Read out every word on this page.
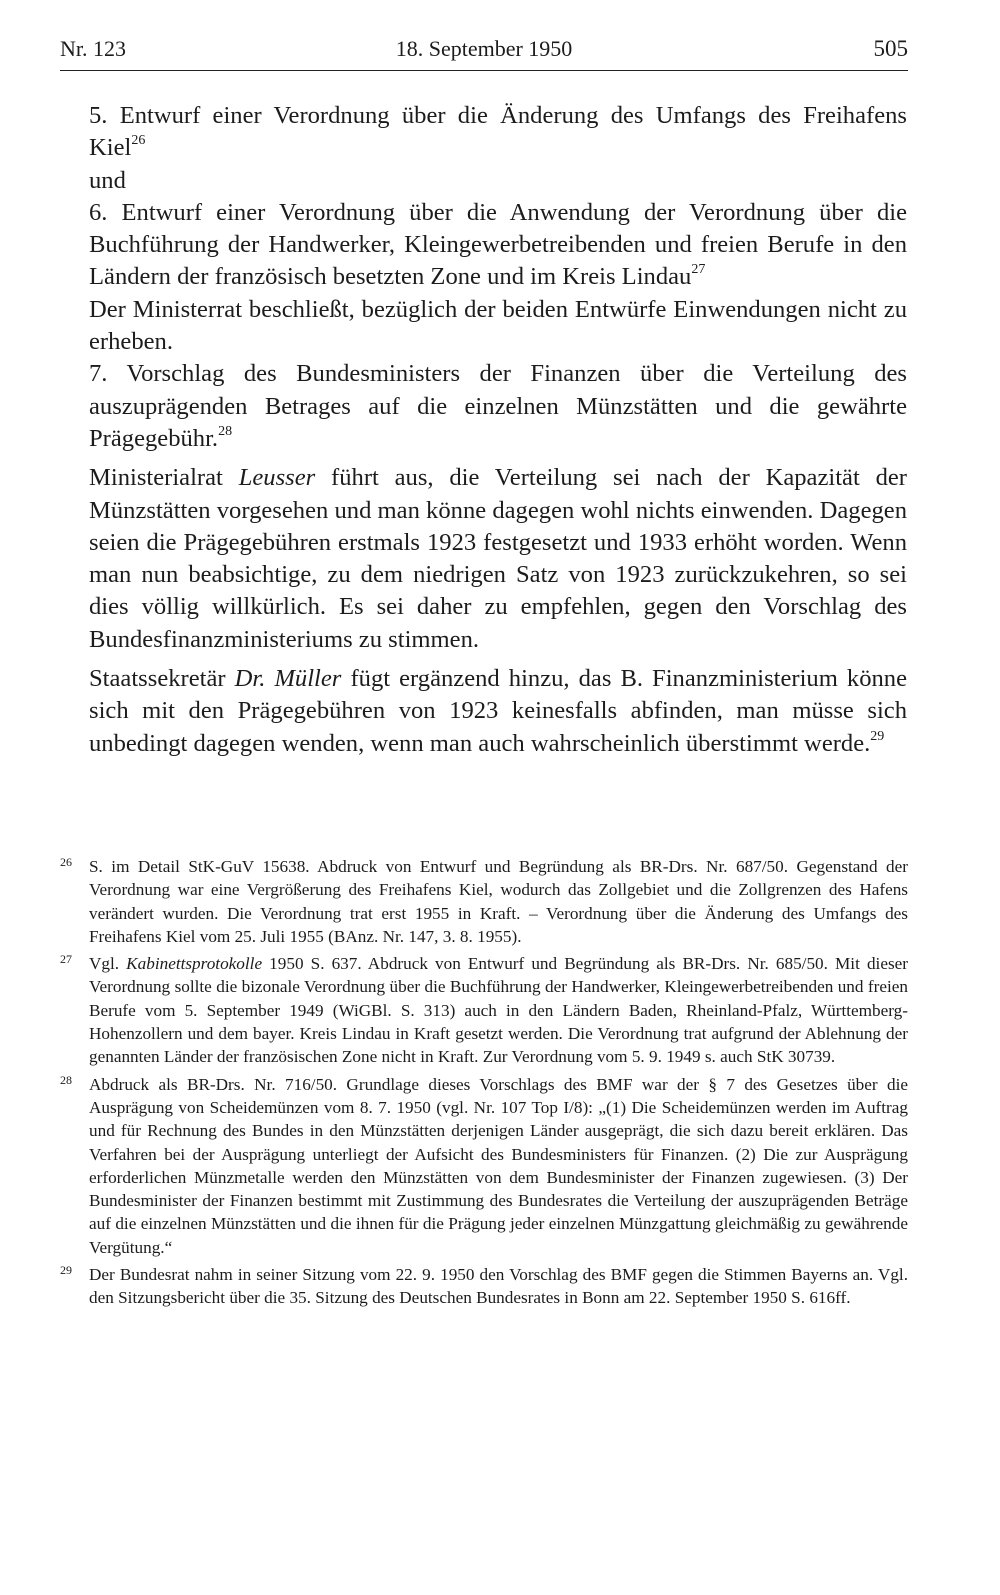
Nr. 123	18. September 1950	505

5. Entwurf einer Verordnung über die Änderung des Umfangs des Freihafens Kiel$^{26}$

und

6. Entwurf einer Verordnung über die Anwendung der Verordnung über die Buchführung der Handwerker, Kleingewerbetreibenden und freien Berufe in den Ländern der französisch besetzten Zone und im Kreis Lindau$^{27}$

Der Ministerrat beschließt, bezüglich der beiden Entwürfe Einwendungen nicht zu erheben.

7. Vorschlag des Bundesministers der Finanzen über die Verteilung des auszuprägenden Betrages auf die einzelnen Münzstätten und die gewährte Prägegebühr.$^{28}$

Ministerialrat Leusser führt aus, die Verteilung sei nach der Kapazität der Münzstätten vorgesehen und man könne dagegen wohl nichts einwenden. Dagegen seien die Prägegebühren erstmals 1923 festgesetzt und 1933 erhöht worden. Wenn man nun beabsichtige, zu dem niedrigen Satz von 1923 zurückzukehren, so sei dies völlig willkürlich. Es sei daher zu empfehlen, gegen den Vorschlag des Bundesfinanzministeriums zu stimmen.

Staatssekretär Dr. Müller fügt ergänzend hinzu, das B. Finanzministerium könne sich mit den Prägegebühren von 1923 keinesfalls abfinden, man müsse sich unbedingt dagegen wenden, wenn man auch wahrscheinlich überstimmt werde.$^{29}$

26 S. im Detail StK-GuV 15638. Abdruck von Entwurf und Begründung als BR-Drs. Nr. 687/50. Gegenstand der Verordnung war eine Vergrößerung des Freihafens Kiel, wodurch das Zollgebiet und die Zollgrenzen des Hafens verändert wurden. Die Verordnung trat erst 1955 in Kraft. – Verordnung über die Änderung des Umfangs des Freihafens Kiel vom 25. Juli 1955 (BAnz. Nr. 147, 3. 8. 1955).

27 Vgl. Kabinettsprotokolle 1950 S. 637. Abdruck von Entwurf und Begründung als BR-Drs. Nr. 685/50. Mit dieser Verordnung sollte die bizonale Verordnung über die Buchführung der Handwerker, Kleingewerbetreibenden und freien Berufe vom 5. September 1949 (WiGBl. S. 313) auch in den Ländern Baden, Rheinland-Pfalz, Württemberg-Hohenzollern und dem bayer. Kreis Lindau in Kraft gesetzt werden. Die Verordnung trat aufgrund der Ablehnung der genannten Länder der französischen Zone nicht in Kraft. Zur Verordnung vom 5. 9. 1949 s. auch StK 30739.

28 Abdruck als BR-Drs. Nr. 716/50. Grundlage dieses Vorschlags des BMF war der § 7 des Gesetzes über die Ausprägung von Scheidemünzen vom 8. 7. 1950 (vgl. Nr. 107 Top I/8): „(1) Die Scheidemünzen werden im Auftrag und für Rechnung des Bundes in den Münzstätten derjenigen Länder ausgeprägt, die sich dazu bereit erklären. Das Verfahren bei der Ausprägung unterliegt der Aufsicht des Bundesministers für Finanzen. (2) Die zur Ausprägung erforderlichen Münzmetalle werden den Münzstätten von dem Bundesminister der Finanzen zugewiesen. (3) Der Bundesminister der Finanzen bestimmt mit Zustimmung des Bundesrates die Verteilung der auszuprägenden Beträge auf die einzelnen Münzstätten und die ihnen für die Prägung jeder einzelnen Münzgattung gleichmäßig zu gewährende Vergütung.“

29 Der Bundesrat nahm in seiner Sitzung vom 22. 9. 1950 den Vorschlag des BMF gegen die Stimmen Bayerns an. Vgl. den Sitzungsbericht über die 35. Sitzung des Deutschen Bundesrates in Bonn am 22. September 1950 S. 616ff.
